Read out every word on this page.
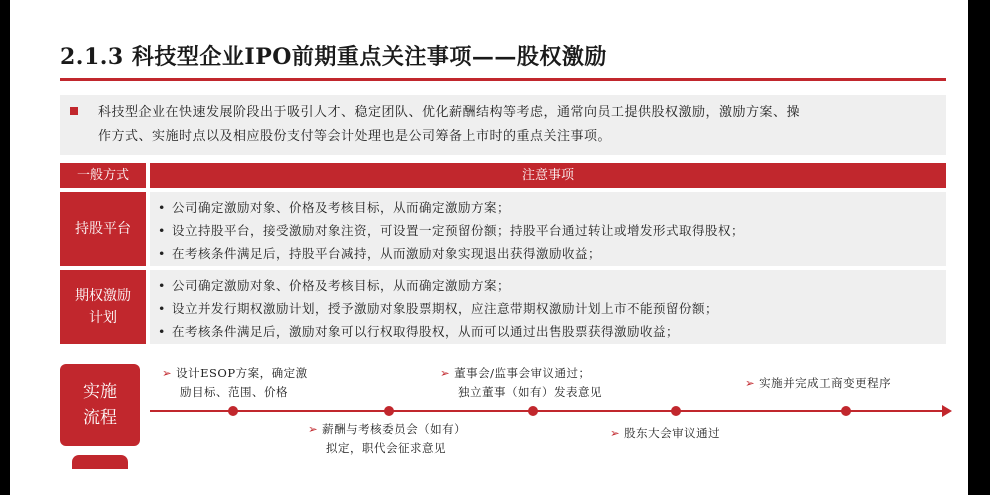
2.1.3 科技型企业IPO前期重点关注事项——股权激励
科技型企业在快速发展阶段出于吸引人才、稳定团队、优化薪酬结构等考虑，通常向员工提供股权激励，激励方案、操
作方式、实施时点以及相应股份支付等会计处理也是公司筹备上市时的重点关注事项。
一般方式	注意事项
持股平台
• 公司确定激励对象、价格及考核目标，从而确定激励方案；
• 设立持股平台，接受激励对象注资，可设置一定预留份额；持股平台通过转让或增发形式取得股权；
• 在考核条件满足后，持股平台减持，从而激励对象实现退出获得激励收益；
期权激励
计划
• 公司确定激励对象、价格及考核目标，从而确定激励方案；
• 设立并发行期权激励计划，授予激励对象股票期权，应注意带期权激励计划上市不能预留份额；
• 在考核条件满足后，激励对象可以行权取得股权，从而可以通过出售股票获得激励收益；
实施
流程
➢ 设计ESOP方案，确定激
励目标、范围、价格
➢ 董事会/监事会审议通过；
独立董事（如有）发表意见
➢ 实施并完成工商变更程序
➢ 薪酬与考核委员会（如有）
拟定，职代会征求意见
➢ 股东大会审议通过
